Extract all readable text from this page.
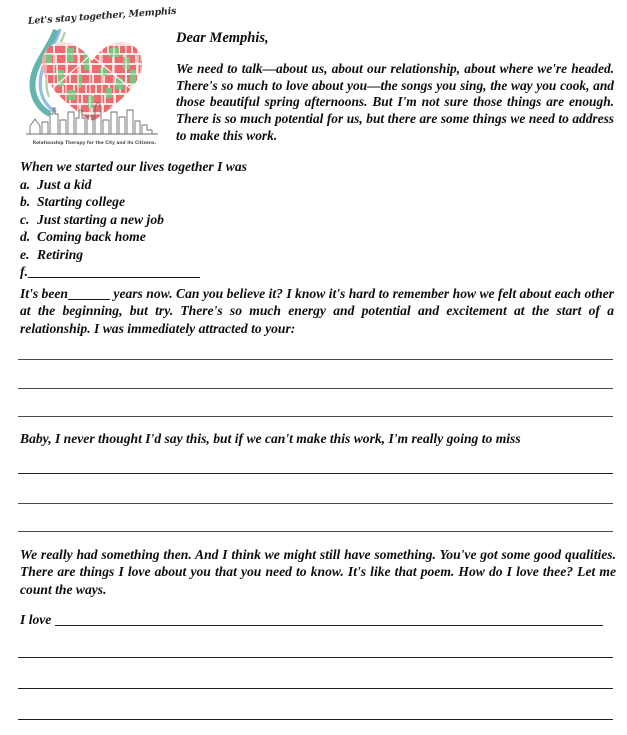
Let's stay together, Memphis
Relationship Therapy for the City and its Citizens.

Dear Memphis,

We need to talk—about us, about our relationship, about where we're headed. There's so much to love about you—the songs you sing, the way you cook, and those beautiful spring afternoons. But I'm not sure those things are enough. There is so much potential for us, but there are some things we need to address to make this work.

When we started our lives together I was

a. Just a kid
b. Starting college
c. Just starting a new job
d. Coming back home
e. Retiring
f.

It's been	years now. Can you believe it? I know it's hard to remember how we felt about each other at the beginning, but try. There's so much energy and potential and excitement at the start of a relationship. I was immediately attracted to your:

Baby, I never thought I'd say this, but if we can't make this work, I'm really going to miss

We really had something then. And I think we might still have something. You've got some good qualities. There are things I love about you that you need to know. It's like that poem. How do I love thee? Let me count the ways.

I love
